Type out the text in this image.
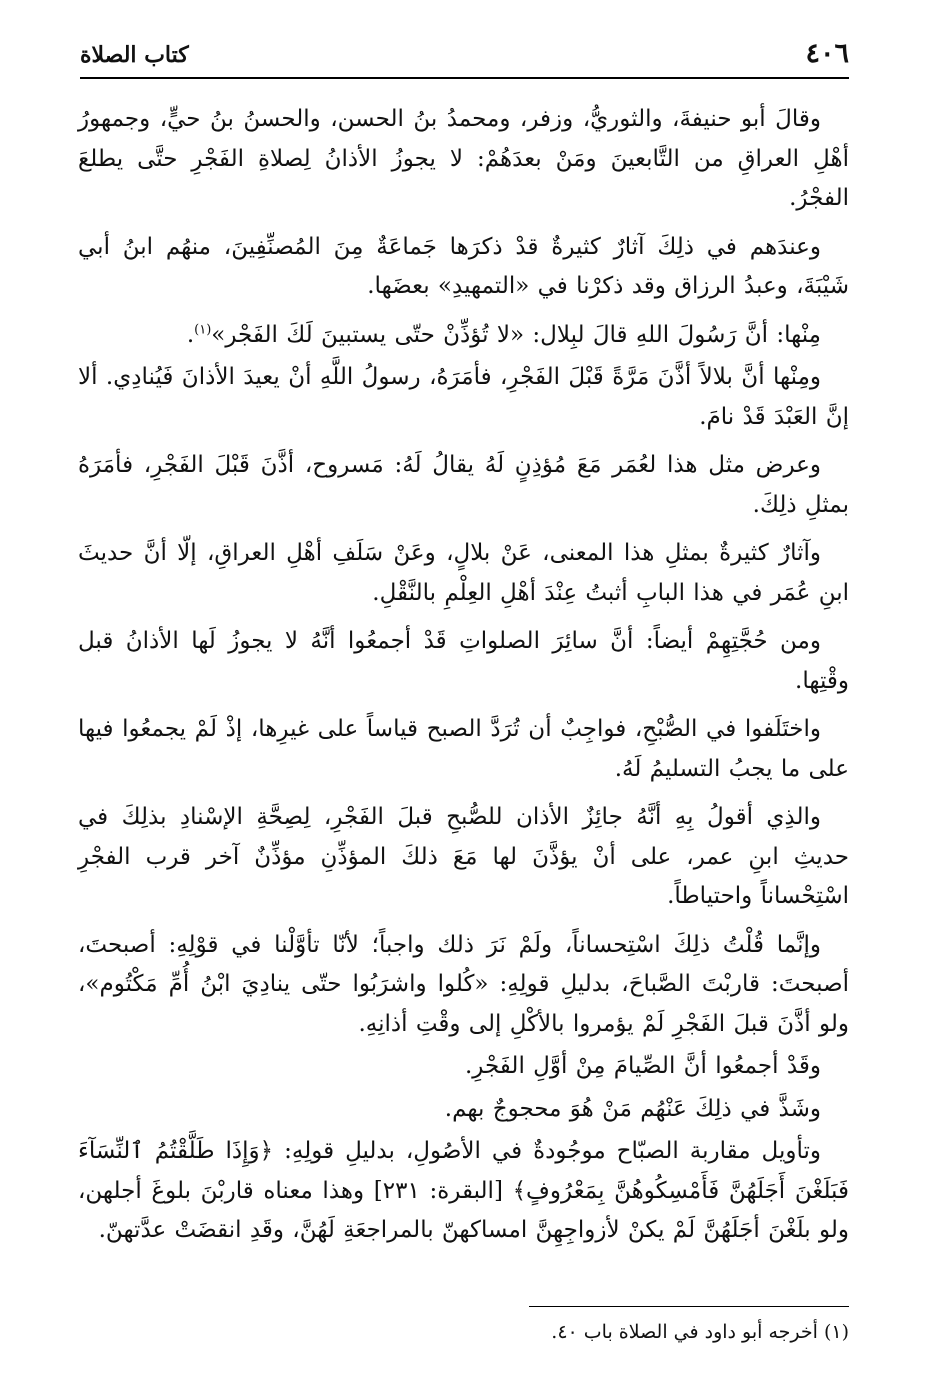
٤٠٦
كتاب الصلاة

وقالَ أبو حنيفةَ، والثوريُّ، وزفر، ومحمدُ بنُ الحسن، والحسنُ بنُ حيٍّ، وجمهورُ أهْلِ العراقِ من التَّابعينَ ومَنْ بعدَهُمْ: لا يجوزُ الأذانُ لِصلاةِ الفَجْرِ حتَّى يطلعَ الفجْرُ.

وعندَهم في ذلِكَ آثارٌ كثيرةٌ قدْ ذكرَها جَماعَةٌ مِنَ المُصنِّفِينَ، منهُم ابنُ أبي شَيْبَةَ، وعبدُ الرزاق وقد ذكرْنا في «التمهيدِ» بعضَها.

مِنْها: أنَّ رَسُولَ اللهِ قالَ لبِلال: «لا تُؤذِّنْ حتّى يستبينَ لَكَ الفَجْر»$^{(١)}$.

ومِنْها أنَّ بلالاً أذَّنَ مَرَّةً قَبْلَ الفَجْرِ، فأمَرَهُ، رسولُ اللَّهِ أنْ يعيدَ الأذانَ فَيُنادِي. ألا إنَّ العَبْدَ قَدْ نامَ.

وعرض مثل هذا لعُمَر مَعَ مُؤذِنٍ لَهُ يقالُ لَهُ: مَسروح، أذَّنَ قَبْلَ الفَجْرِ، فأمَرَهُ بمثلِ ذلِكَ.

وآثارٌ كثيرةٌ بمثلِ هذا المعنى، عَنْ بلالٍ، وعَنْ سَلَفِ أهْلِ العراقِ، إلّا أنَّ حديثَ ابنِ عُمَر في هذا البابِ أثبتُ عِنْدَ أهْلِ العِلْمِ بالنَّقْلِ.

ومن حُجَّتِهِمْ أيضاً: أنَّ سائِرَ الصلواتِ قَدْ أجمعُوا أنَّهُ لا يجوزُ لَها الأذانُ قبل وقْتِها.

واختَلَفوا في الصُّبْحِ، فواجِبٌ أن تُرَدَّ الصبح قياساً على غيرِها، إذْ لَمْ يجمعُوا فيها على ما يجبُ التسليمُ لَهُ.

والذِي أقولُ بِهِ أنَّهُ جائِزٌ الأذان للصُّبحِ قبلَ الفَجْرِ، لِصِحَّةِ الإسْنادِ بذلِكَ في حديثِ ابنِ عمر، على أنْ يؤذَّنَ لها مَعَ ذلكَ المؤذِّنِ مؤذِّنٌ آخر قرب الفجْرِ اسْتِحْساناً واحتياطاً.

وإنَّما قُلْتُ ذلِكَ اسْتِحساناً، ولَمْ نَرَ ذلك واجباً؛ لأنّا تأوَّلْنا في قوْلِهِ: أصبحتَ، أصبحتَ: قاربْتَ الصَّباحَ، بدليلِ قولِهِ: «كُلوا واشرَبُوا حتّى ينادِيَ ابْنُ أُمِّ مَكْتُوم»، ولو أذَّنَ قبلَ الفَجْرِ لَمْ يؤمروا بالأكْلِ إلى وقْتِ أذانِهِ.

وقَدْ أجمعُوا أنَّ الصِّيامَ مِنْ أوَّلِ الفَجْرِ.

وشَذَّ في ذلِكَ عَنْهُم مَنْ هُوَ محجوجٌ بهم.

وتأويل مقاربة الصبّاح موجُودةٌ في الأصُولِ، بدليلِ قولِهِ: ﴿وَإِذَا طَلَّقْتُمُ ٱلنِّسَآءَ فَبَلَغْنَ أَجَلَهُنَّ فَأَمْسِكُوهُنَّ بِمَعْرُوفٍ﴾ [البقرة: ٢٣١] وهذا معناه قاربْنَ بلوغَ أجلهن، ولو بلَغْنَ أجَلَهُنَّ لَمْ يكنْ لأزواجِهِنَّ امساكهنّ بالمراجعَةِ لَهُنَّ، وقَدِ انقضَتْ عدَّتهنّ.

(١) أخرجه أبو داود في الصلاة باب ٤٠.
